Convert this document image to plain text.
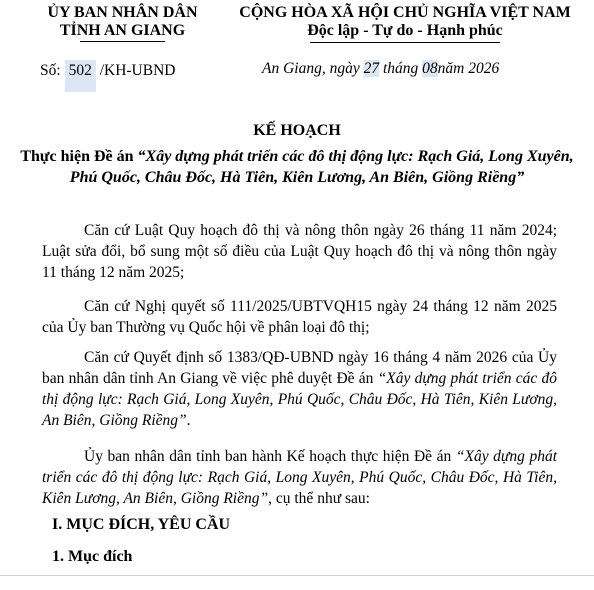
ỦY BAN NHÂN DÂN
TỈNH AN GIANG
CỘNG HÒA XÃ HỘI CHỦ NGHĨA VIỆT NAM
Độc lập - Tự do - Hạnh phúc
Số: 502 /KH-UBND	An Giang, ngày 27 tháng 08năm 2026
KẾ HOẠCH
Thực hiện Đề án “Xây dựng phát triển các đô thị động lực: Rạch Giá, Long Xuyên, Phú Quốc, Châu Đốc, Hà Tiên, Kiên Lương, An Biên, Giồng Riềng”
Căn cứ Luật Quy hoạch đô thị và nông thôn ngày 26 tháng 11 năm 2024; Luật sửa đổi, bổ sung một số điều của Luật Quy hoạch đô thị và nông thôn ngày 11 tháng 12 năm 2025;
Căn cứ Nghị quyết số 111/2025/UBTVQH15 ngày 24 tháng 12 năm 2025 của Ủy ban Thường vụ Quốc hội về phân loại đô thị;
Căn cứ Quyết định số 1383/QĐ-UBND ngày 16 tháng 4 năm 2026 của Ủy ban nhân dân tỉnh An Giang về việc phê duyệt Đề án “Xây dựng phát triển các đô thị động lực: Rạch Giá, Long Xuyên, Phú Quốc, Châu Đốc, Hà Tiên, Kiên Lương, An Biên, Giồng Riềng”.
Ủy ban nhân dân tỉnh ban hành Kế hoạch thực hiện Đề án “Xây dựng phát triển các đô thị động lực: Rạch Giá, Long Xuyên, Phú Quốc, Châu Đốc, Hà Tiên, Kiên Lương, An Biên, Giồng Riềng”, cụ thể như sau:
I. MỤC ĐÍCH, YÊU CẦU
1. Mục đích
